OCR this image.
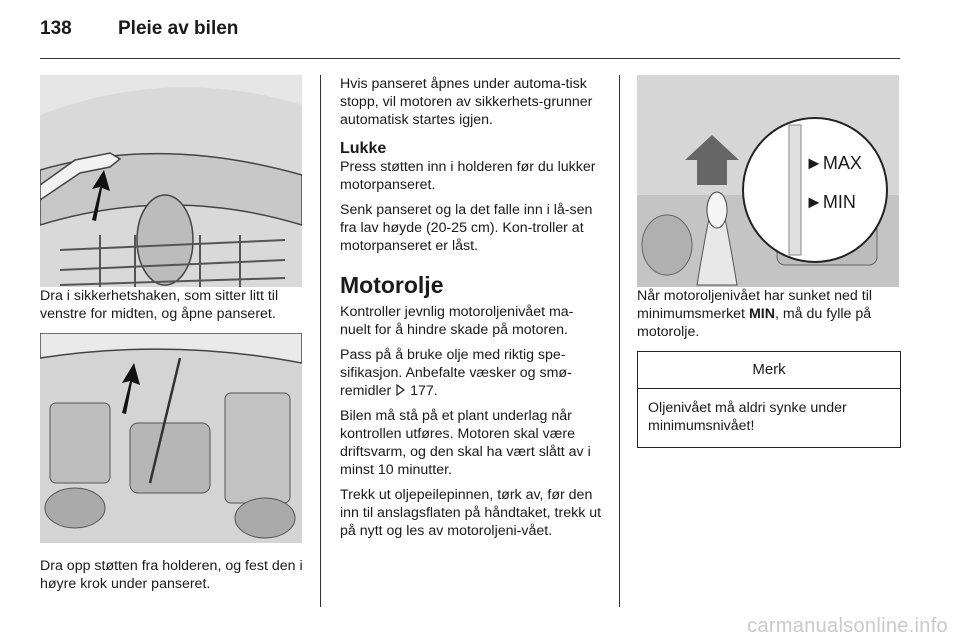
138	Pleie av bilen

Dra i sikkerhetshaken, som sitter litt til venstre for midten, og åpne panseret.

Dra opp støtten fra holderen, og fest den i høyre krok under panseret.

Hvis panseret åpnes under automa-tisk stopp, vil motoren av sikkerhets-grunner automatisk startes igjen.

Lukke

Press støtten inn i holderen før du lukker motorpanseret.

Senk panseret og la det falle inn i lå-sen fra lav høyde (20-25 cm). Kon-troller at motorpanseret er låst.

Motorolje

Kontroller jevnlig motoroljenivået ma-nuelt for å hindre skade på motoren.

Pass på å bruke olje med riktig spe-sifikasjon. Anbefalte væsker og smø-remidler  177.

Bilen må stå på et plant underlag når kontrollen utføres. Motoren skal være driftsvarm, og den skal ha vært slått av i minst 10 minutter.

Trekk ut oljepeilepinnen, tørk av, før den inn til anslagsflaten på håndtaket, trekk ut på nytt og les av motoroljeni-vået.

►MAX
►MIN

Når motoroljenivået har sunket ned til minimumsmerket MIN, må du fylle på motorolje.

Merk
Oljenivået må aldri synke under minimumsnivået!
carmanualsonline.info
